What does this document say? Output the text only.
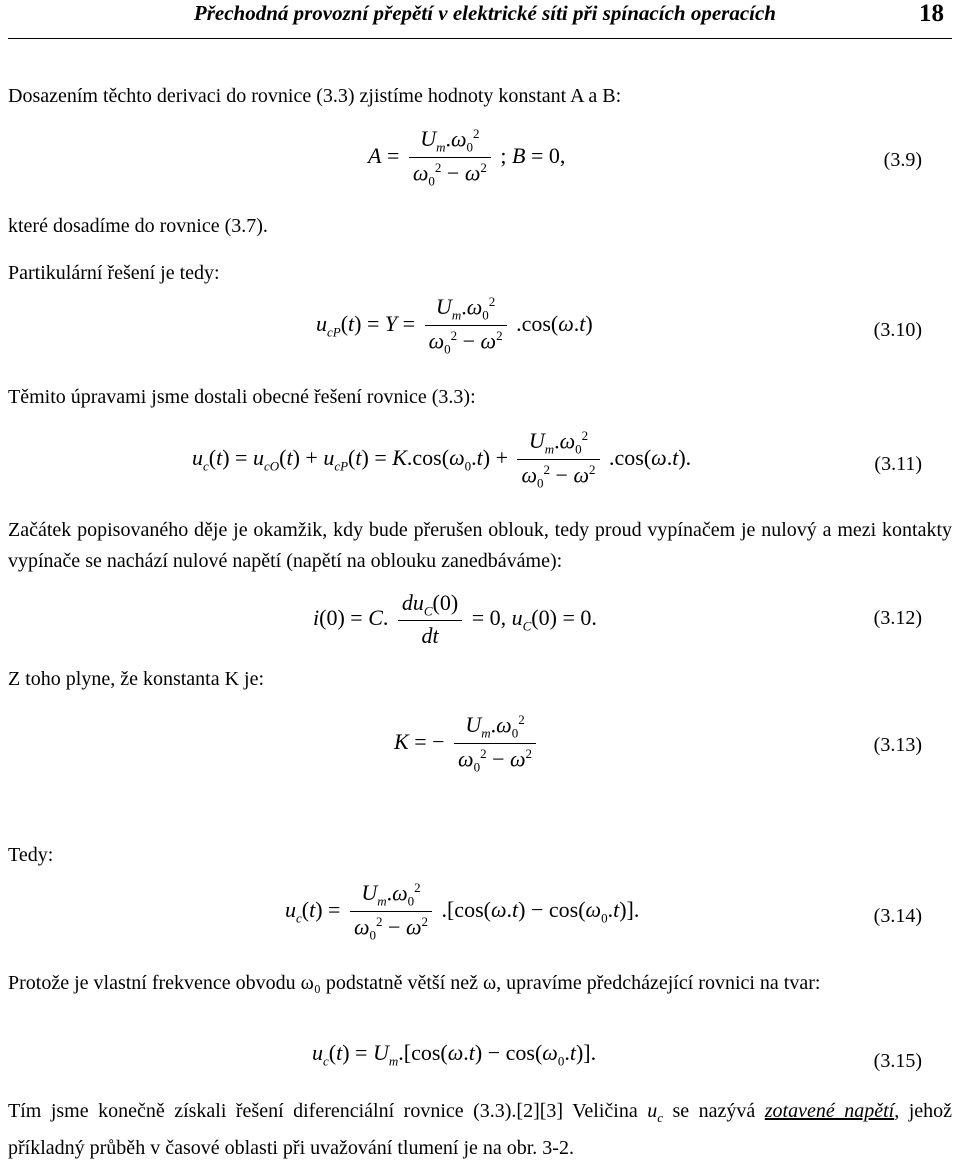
Přechodná provozní přepětí v elektrické síti při spínacích operacích	18
Dosazením těchto derivaci do rovnice (3.3) zjistíme hodnoty konstant A a B:
$A = \frac{U_m.\omega_0^2}{\omega_0^2 - \omega^2}$ ; B = 0,	(3.9)
které dosadíme do rovnice (3.7).
Partikulární řešení je tedy:
$u_{cP}(t) = Y = \frac{U_m.\omega_0^2}{\omega_0^2 - \omega^2} .\cos(\omega.t)$	(3.10)
Těmito úpravami jsme dostali obecné řešení rovnice (3.3):
$u_c(t) = u_{cO}(t) + u_{cP}(t) = K.\cos(\omega_0.t) + \frac{U_m.\omega_0^2}{\omega_0^2 - \omega^2} .\cos(\omega.t)$.	(3.11)
Začátek popisovaného děje je okamžik, kdy bude přerušen oblouk, tedy proud vypínačem je nulový a mezi kontakty vypínače se nachází nulové napětí (napětí na oblouku zanedbáváme):
i(0) = C. $\frac{du_C(0)}{dt} = 0$, $u_C(0) = 0$.	(3.12)
Z toho plyne, že konstanta K je:
K = − $\frac{U_m.\omega_0^2}{\omega_0^2 - \omega^2}$	(3.13)
Tedy:
$u_c(t) = \frac{U_m.\omega_0^2}{\omega_0^2 - \omega^2} .[\cos(\omega.t) - \cos(\omega_0.t)]$.	(3.14)
Protože je vlastní frekvence obvodu ω₀ podstatně větší než ω, upravíme předcházející rovnici na tvar:
$u_c(t) = U_m.[\cos(\omega.t) - \cos(\omega_0.t)]$.	(3.15)
Tím jsme konečně získali řešení diferenciální rovnice (3.3).[2][3] Veličina $u_c$ se nazývá zotavené napětí, jehož příkladný průběh v časové oblasti při uvažování tlumení je na obr. 3-2.
